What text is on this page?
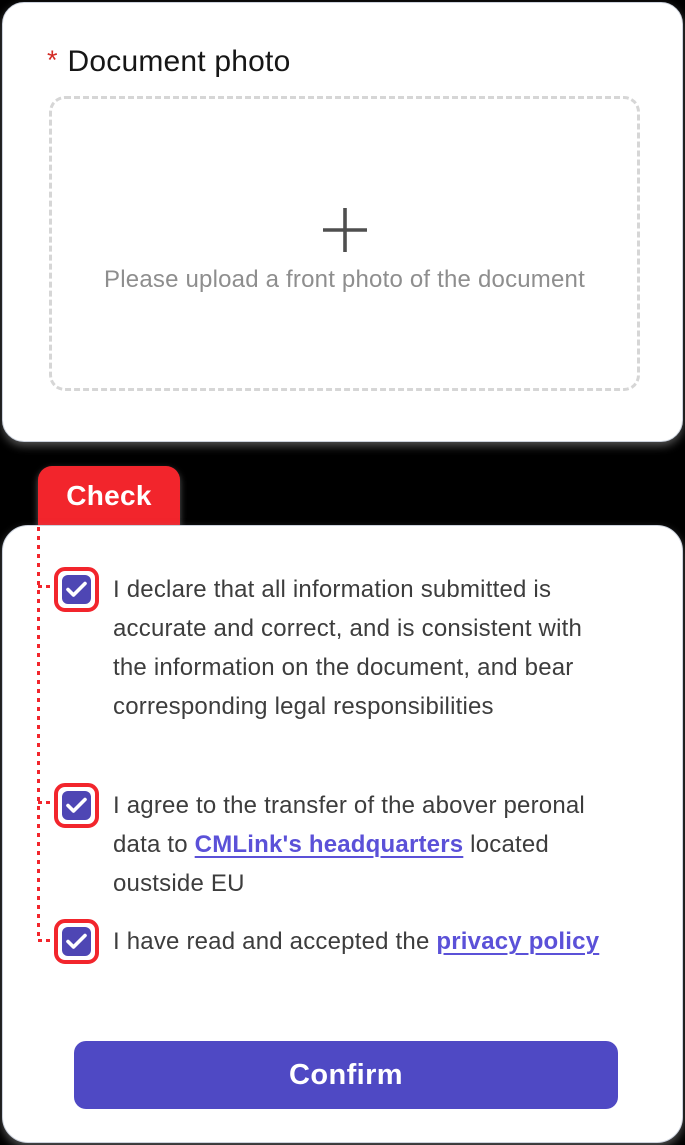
* Document photo
Please upload a front photo of the document
Check
I declare that all information submitted is accurate and correct, and is consistent with the information on the document, and bear corresponding legal responsibilities
I agree to the transfer of the abover peronal data to CMLink's headquarters located oustside EU
I have read and accepted the privacy policy
Confirm
